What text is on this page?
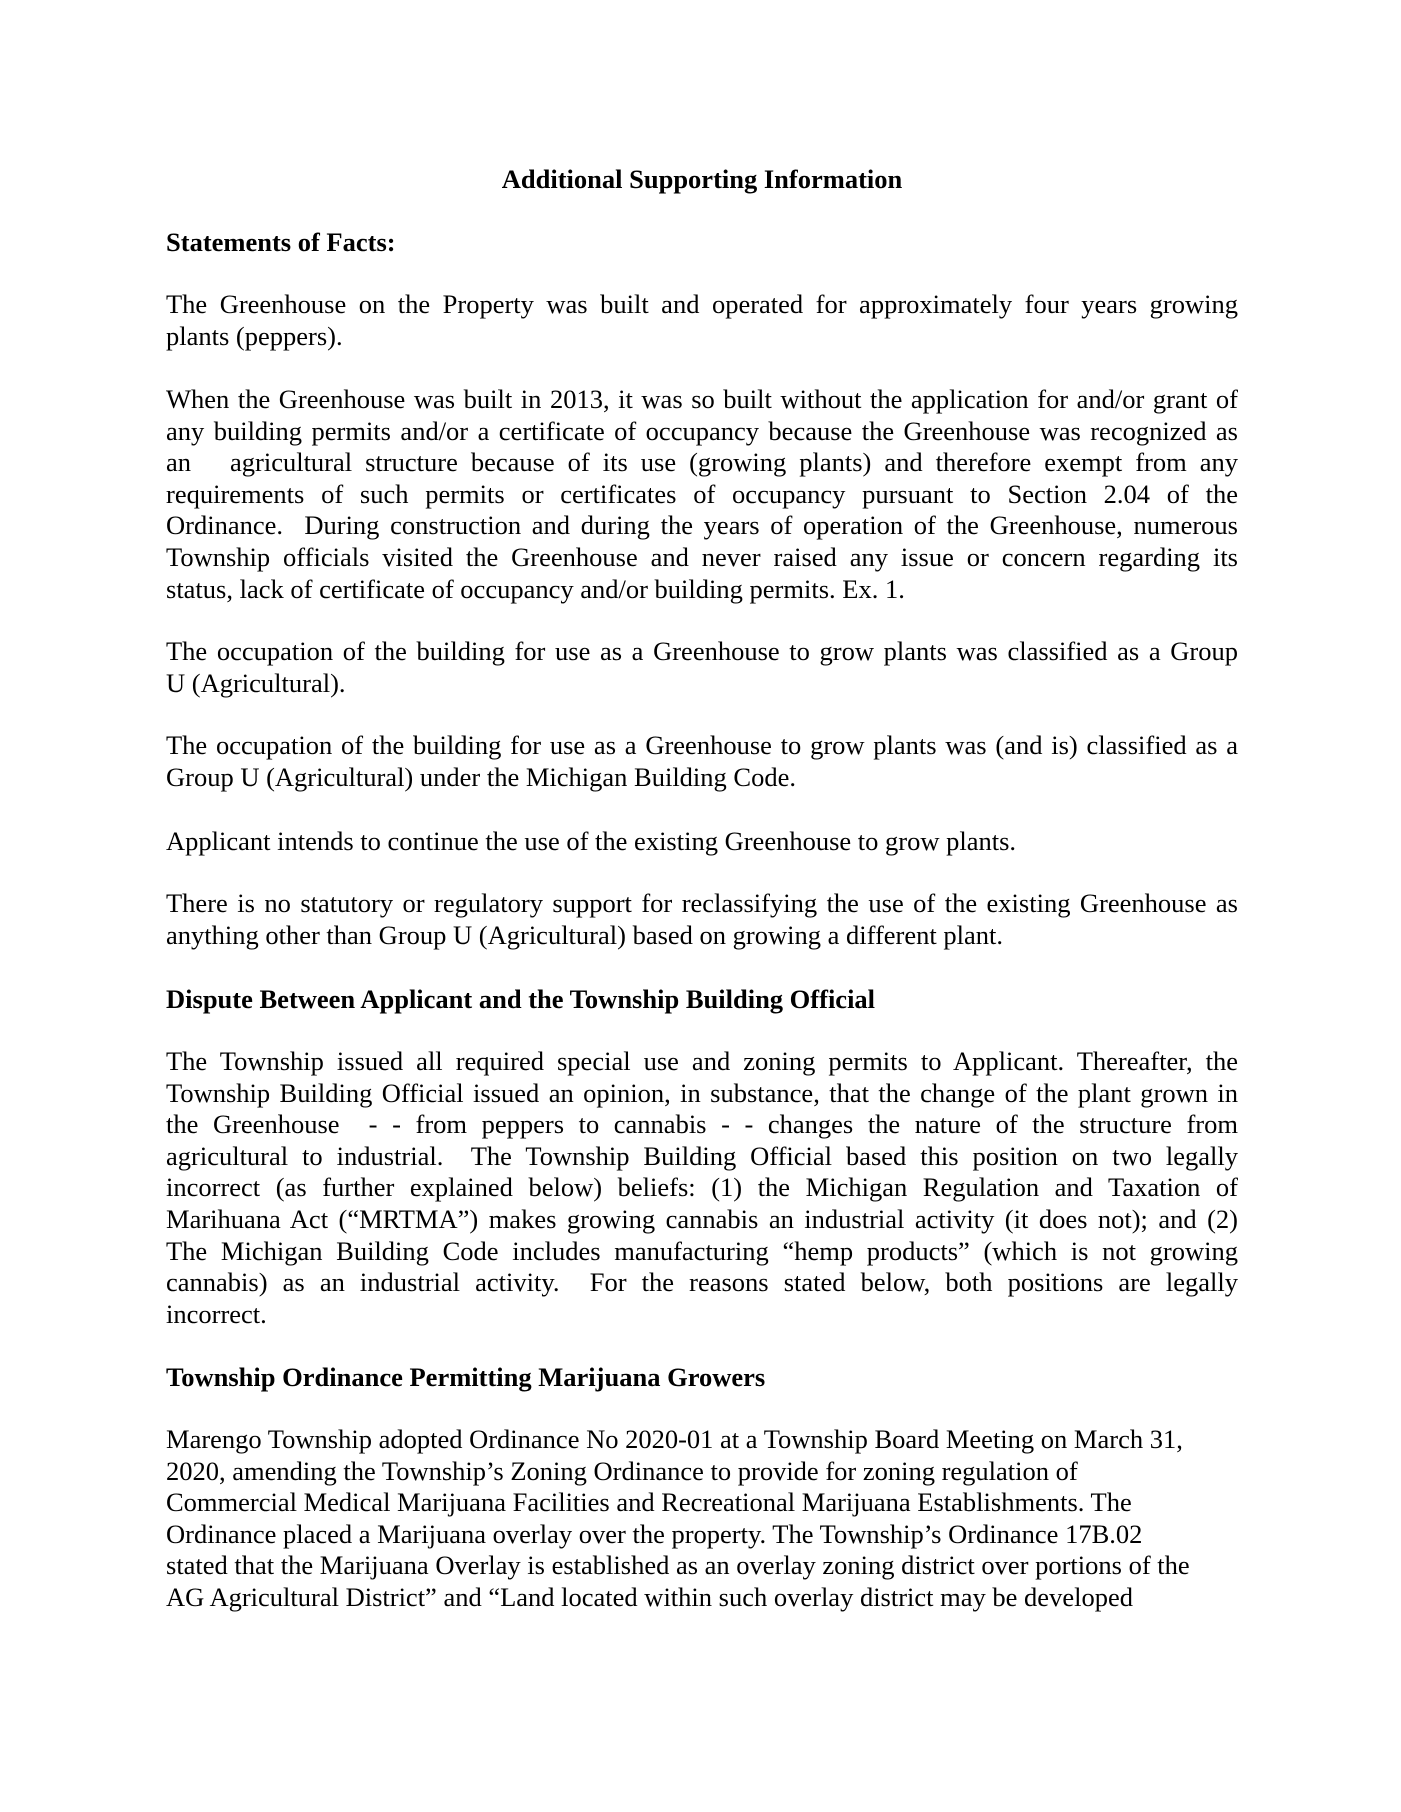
Additional Supporting Information
Statements of Facts:
The Greenhouse on the Property was built and operated for approximately four years growing
plants (peppers).
When the Greenhouse was built in 2013, it was so built without the application for and/or grant of
any building permits and/or a certificate of occupancy because the Greenhouse was recognized as
an   agricultural structure because of its use (growing plants) and therefore exempt from any
requirements of such permits or certificates of occupancy pursuant to Section 2.04 of the
Ordinance.  During construction and during the years of operation of the Greenhouse, numerous
Township officials visited the Greenhouse and never raised any issue or concern regarding its
status, lack of certificate of occupancy and/or building permits. Ex. 1.
The occupation of the building for use as a Greenhouse to grow plants was classified as a Group
U (Agricultural).
The occupation of the building for use as a Greenhouse to grow plants was (and is) classified as a
Group U (Agricultural) under the Michigan Building Code.
Applicant intends to continue the use of the existing Greenhouse to grow plants.
There is no statutory or regulatory support for reclassifying the use of the existing Greenhouse as
anything other than Group U (Agricultural) based on growing a different plant.
Dispute Between Applicant and the Township Building Official
The Township issued all required special use and zoning permits to Applicant. Thereafter, the
Township Building Official issued an opinion, in substance, that the change of the plant grown in
the Greenhouse  - - from peppers to cannabis - - changes the nature of the structure from
agricultural to industrial.  The Township Building Official based this position on two legally
incorrect (as further explained below) beliefs: (1) the Michigan Regulation and Taxation of
Marihuana Act (“MRTMA”) makes growing cannabis an industrial activity (it does not); and (2)
The Michigan Building Code includes manufacturing “hemp products” (which is not growing
cannabis) as an industrial activity.  For the reasons stated below, both positions are legally
incorrect.
Township Ordinance Permitting Marijuana Growers
Marengo Township adopted Ordinance No 2020-01 at a Township Board Meeting on March 31,
2020, amending the Township’s Zoning Ordinance to provide for zoning regulation of
Commercial Medical Marijuana Facilities and Recreational Marijuana Establishments. The
Ordinance placed a Marijuana overlay over the property. The Township’s Ordinance 17B.02
stated that the Marijuana Overlay is established as an overlay zoning district over portions of the
AG Agricultural District” and “Land located within such overlay district may be developed
